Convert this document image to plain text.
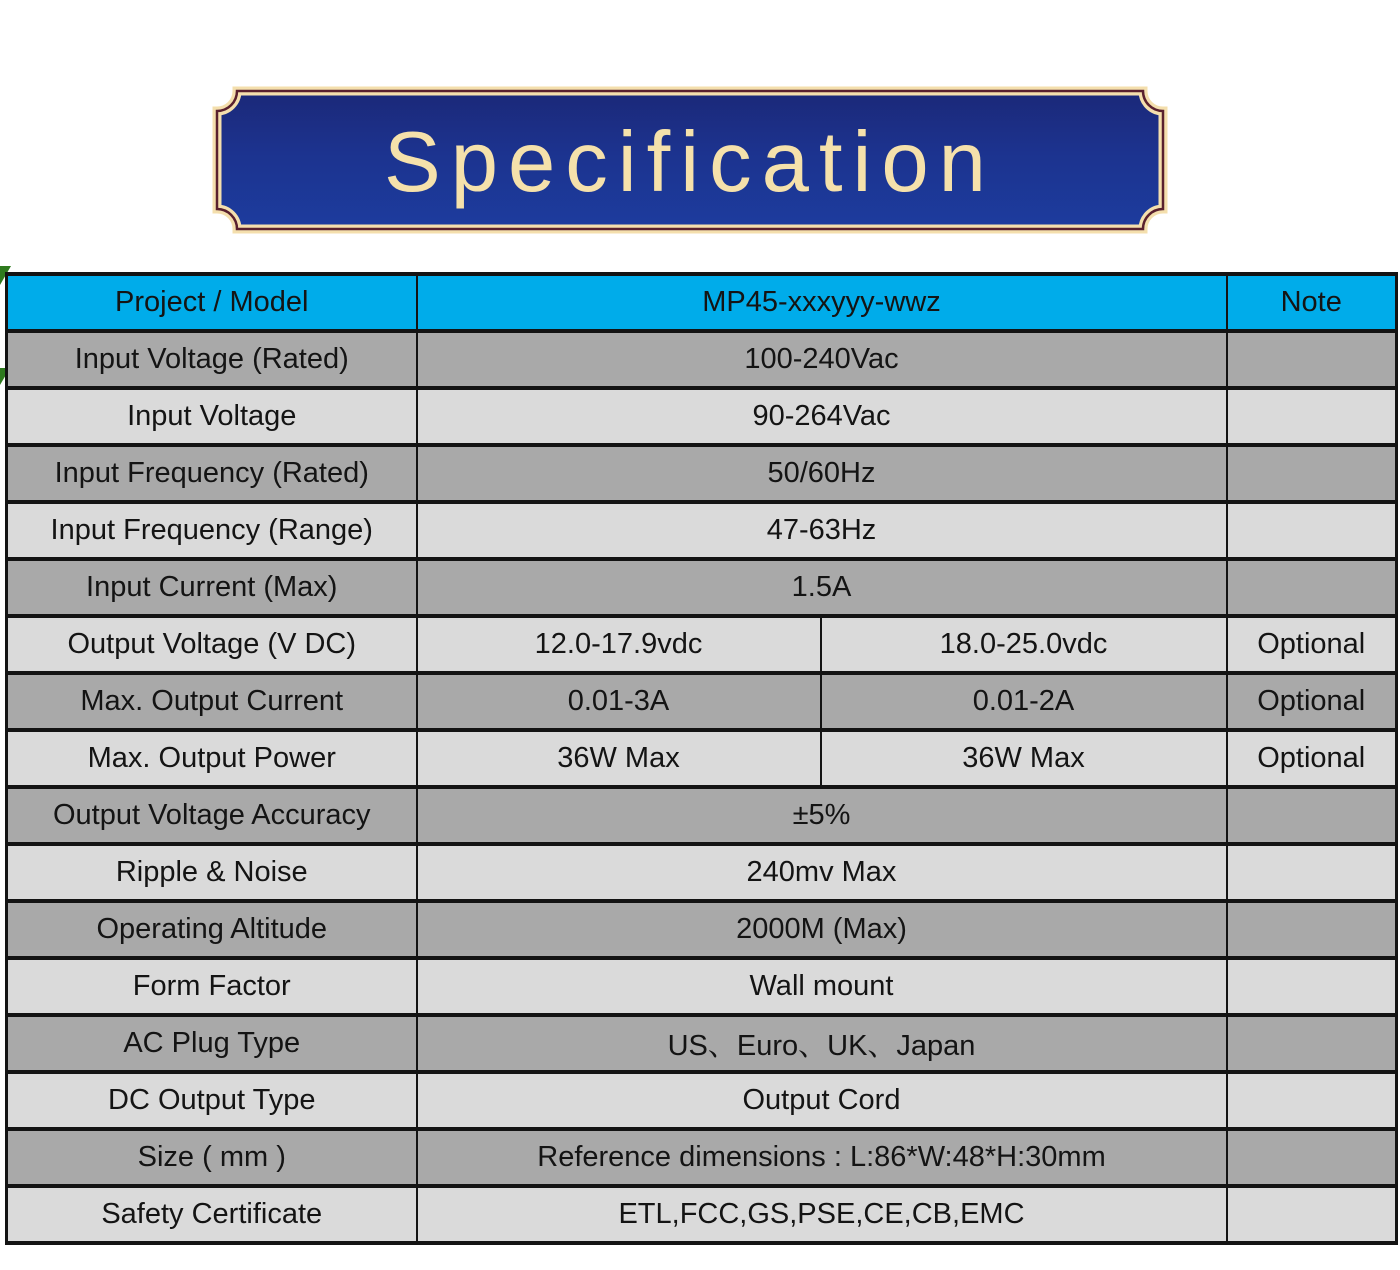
Specification
Project / Model	MP45-xxxyyy-wwz		Note
Input Voltage (Rated)	100-240Vac		
Input Voltage	90-264Vac		
Input Frequency (Rated)	50/60Hz		
Input Frequency (Range)	47-63Hz		
Input Current (Max)	1.5A		
Output Voltage (V DC)	12.0-17.9vdc	18.0-25.0vdc	Optional
Max. Output Current	0.01-3A	0.01-2A	Optional
Max. Output Power	36W Max	36W Max	Optional
Output Voltage Accuracy	±5%		
Ripple & Noise	240mv Max		
Operating Altitude	2000M (Max)		
Form Factor	Wall mount		
AC Plug Type	US、Euro、UK、Japan		
DC Output Type	Output Cord		
Size ( mm )	Reference dimensions : L:86*W:48*H:30mm		
Safety Certificate	ETL,FCC,GS,PSE,CE,CB,EMC		
